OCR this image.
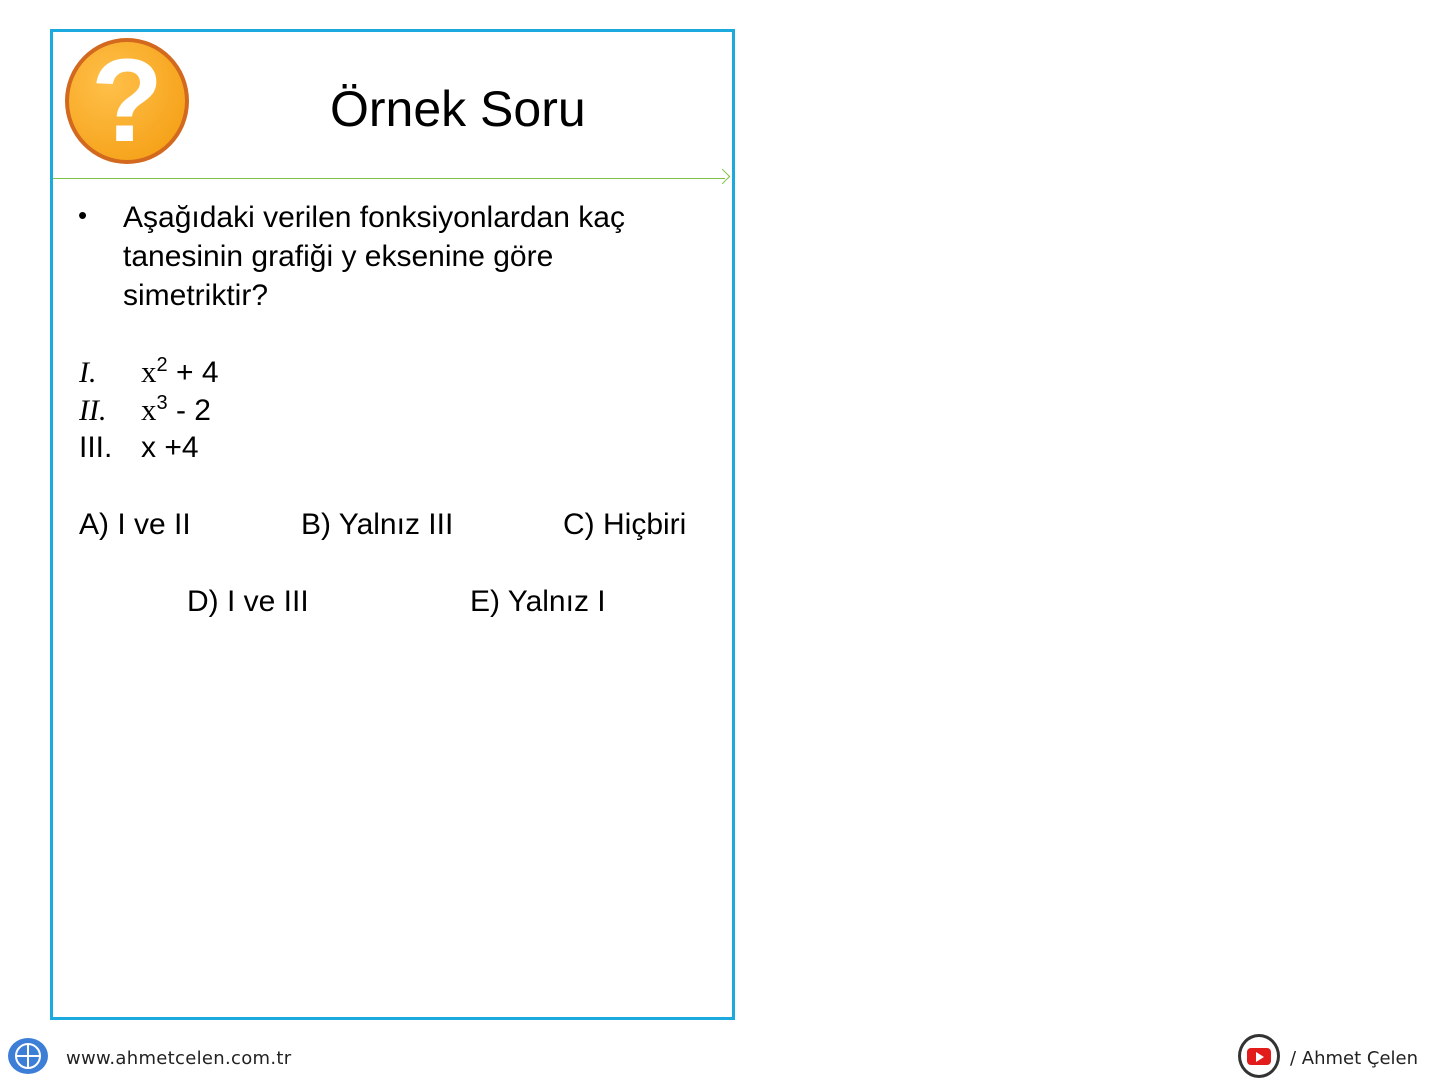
?	Örnek Soru
• Aşağıdaki verilen fonksiyonlardan kaç tanesinin grafiği y eksenine göre simetriktir?
I. $x^2 + 4$
II. $x^3 - 2$
III. x +4
A) I ve II	B) Yalnız III	C) Hiçbiri
D) I ve III	E) Yalnız I
www.ahmetcelen.com.tr	/ Ahmet Çelen
